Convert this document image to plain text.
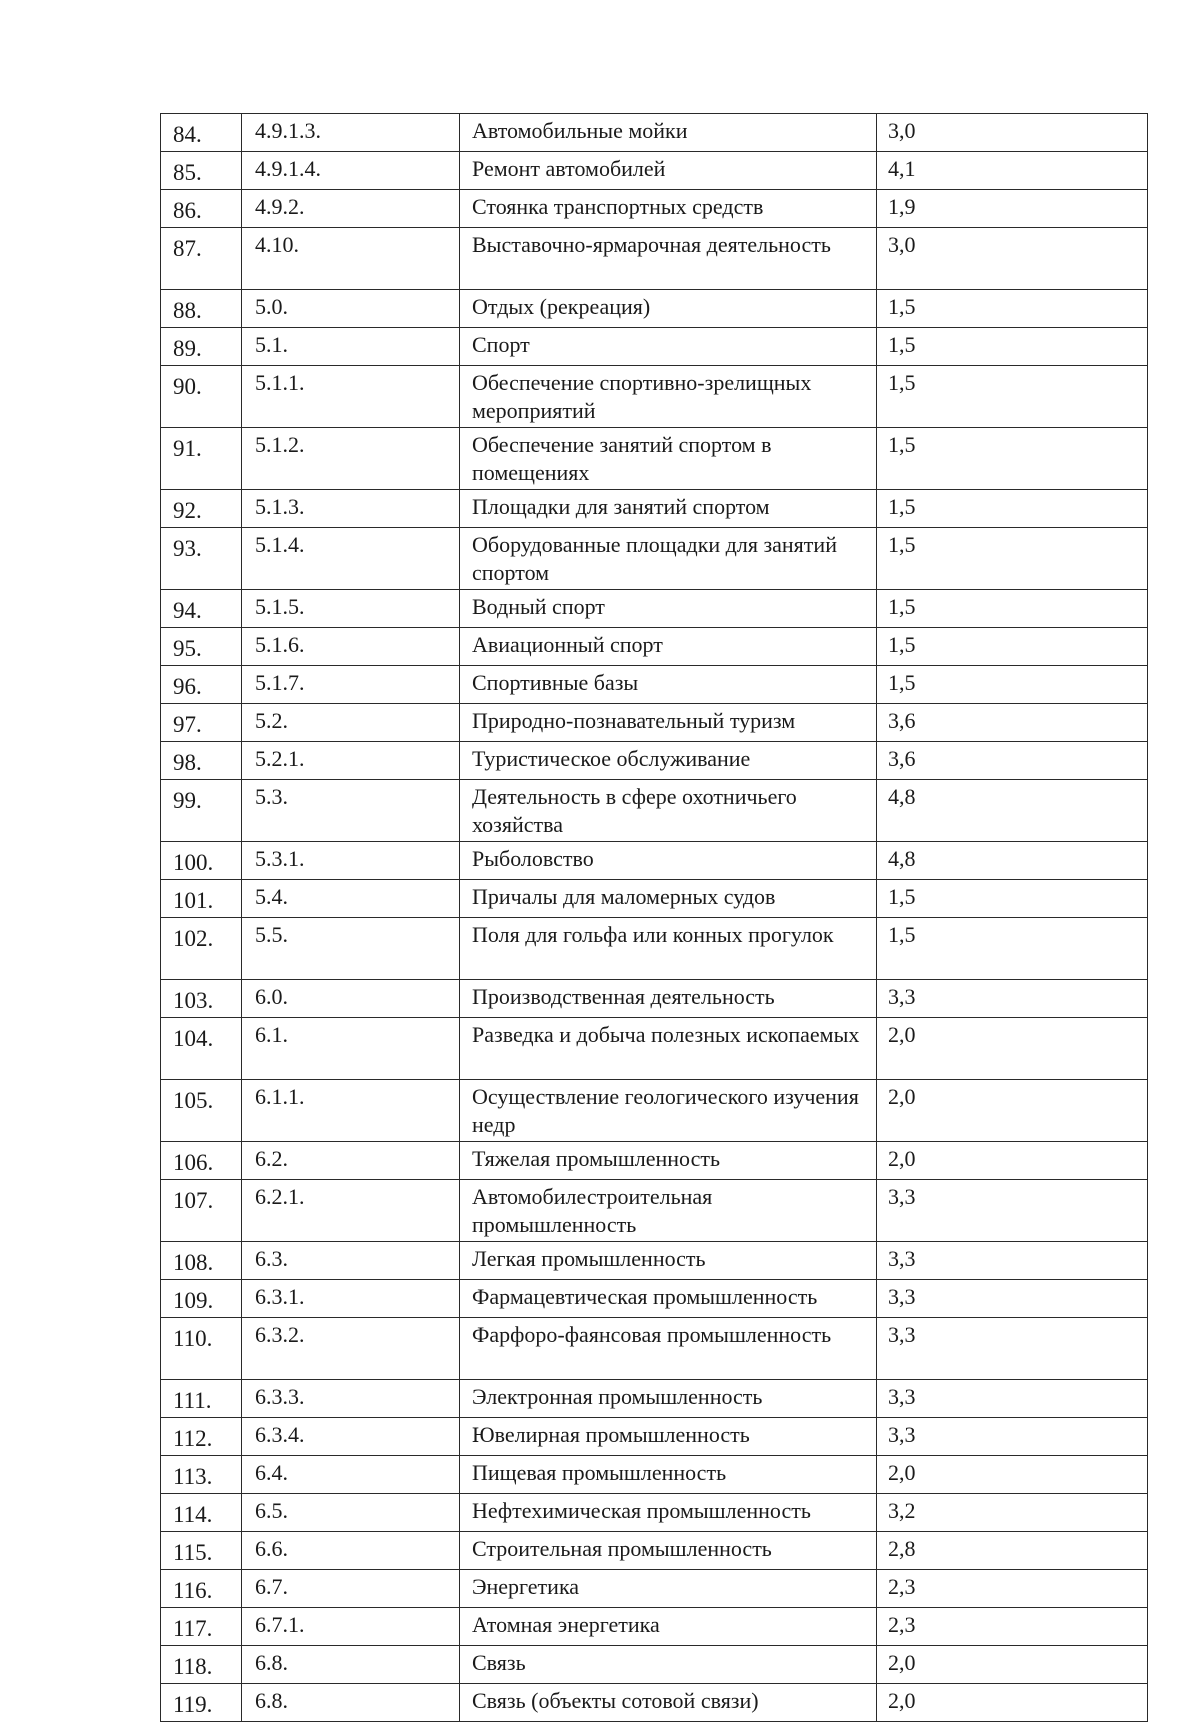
84.	4.9.1.3.	Автомобильные мойки	3,0
85.	4.9.1.4.	Ремонт автомобилей	4,1
86.	4.9.2.	Стоянка транспортных средств	1,9
87.	4.10.	Выставочно-ярмарочная деятельность	3,0
88.	5.0.	Отдых (рекреация)	1,5
89.	5.1.	Спорт	1,5
90.	5.1.1.	Обеспечение спортивно-зрелищных мероприятий	1,5
91.	5.1.2.	Обеспечение занятий спортом в помещениях	1,5
92.	5.1.3.	Площадки для занятий спортом	1,5
93.	5.1.4.	Оборудованные площадки для занятий спортом	1,5
94.	5.1.5.	Водный спорт	1,5
95.	5.1.6.	Авиационный спорт	1,5
96.	5.1.7.	Спортивные базы	1,5
97.	5.2.	Природно-познавательный туризм	3,6
98.	5.2.1.	Туристическое обслуживание	3,6
99.	5.3.	Деятельность в сфере охотничьего хозяйства	4,8
100.	5.3.1.	Рыболовство	4,8
101.	5.4.	Причалы для маломерных судов	1,5
102.	5.5.	Поля для гольфа или конных прогулок	1,5
103.	6.0.	Производственная деятельность	3,3
104.	6.1.	Разведка и добыча полезных ископаемых	2,0
105.	6.1.1.	Осуществление геологического изучения недр	2,0
106.	6.2.	Тяжелая промышленность	2,0
107.	6.2.1.	Автомобилестроительная промышленность	3,3
108.	6.3.	Легкая промышленность	3,3
109.	6.3.1.	Фармацевтическая промышленность	3,3
110.	6.3.2.	Фарфоро-фаянсовая промышленность	3,3
111.	6.3.3.	Электронная промышленность	3,3
112.	6.3.4.	Ювелирная промышленность	3,3
113.	6.4.	Пищевая промышленность	2,0
114.	6.5.	Нефтехимическая промышленность	3,2
115.	6.6.	Строительная промышленность	2,8
116.	6.7.	Энергетика	2,3
117.	6.7.1.	Атомная энергетика	2,3
118.	6.8.	Связь	2,0
119.	6.8.	Связь (объекты сотовой связи)	2,0
